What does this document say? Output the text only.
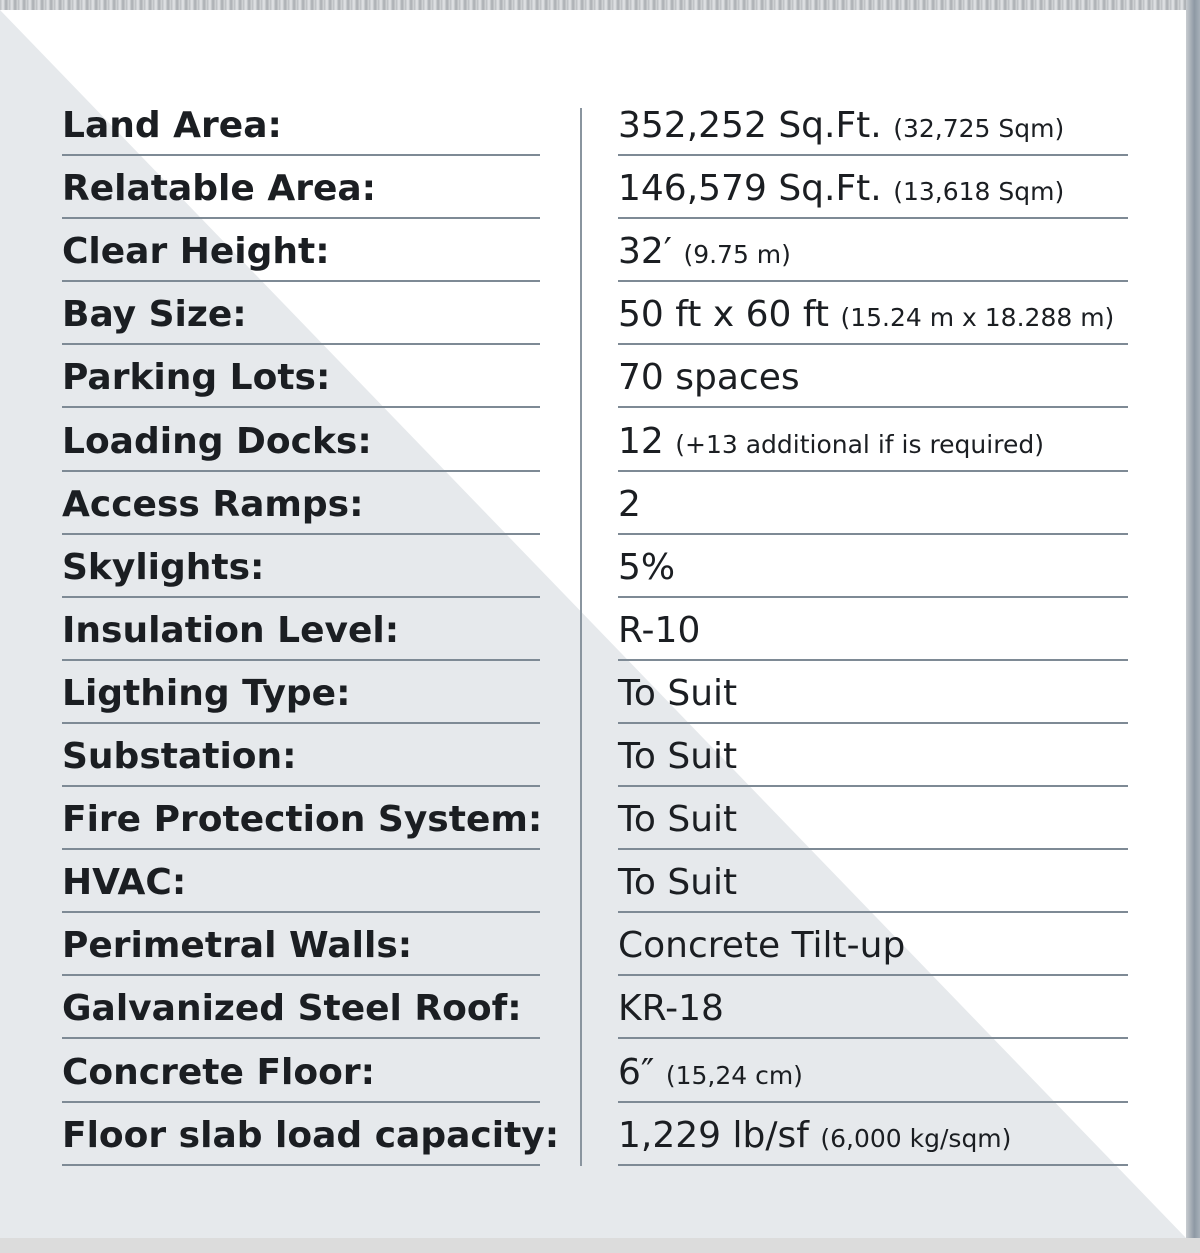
Land Area:	352,252 Sq.Ft. (32,725 Sqm)
Relatable Area:	146,579 Sq.Ft. (13,618 Sqm)
Clear Height:	32′ (9.75 m)
Bay Size:	50 ft x 60 ft (15.24 m x 18.288 m)
Parking Lots:	70 spaces
Loading Docks:	12 (+13 additional if is required)
Access Ramps:	2
Skylights:	5%
Insulation Level:	R-10
Ligthing Type:	To Suit
Substation:	To Suit
Fire Protection System: To Suit
HVAC:	To Suit
Perimetral Walls:	Concrete Tilt-up
Galvanized Steel Roof:	KR-18
Concrete Floor:	6″ (15,24 cm)
Floor slab load capacity: 1,229 lb/sf (6,000 kg/sqm)
